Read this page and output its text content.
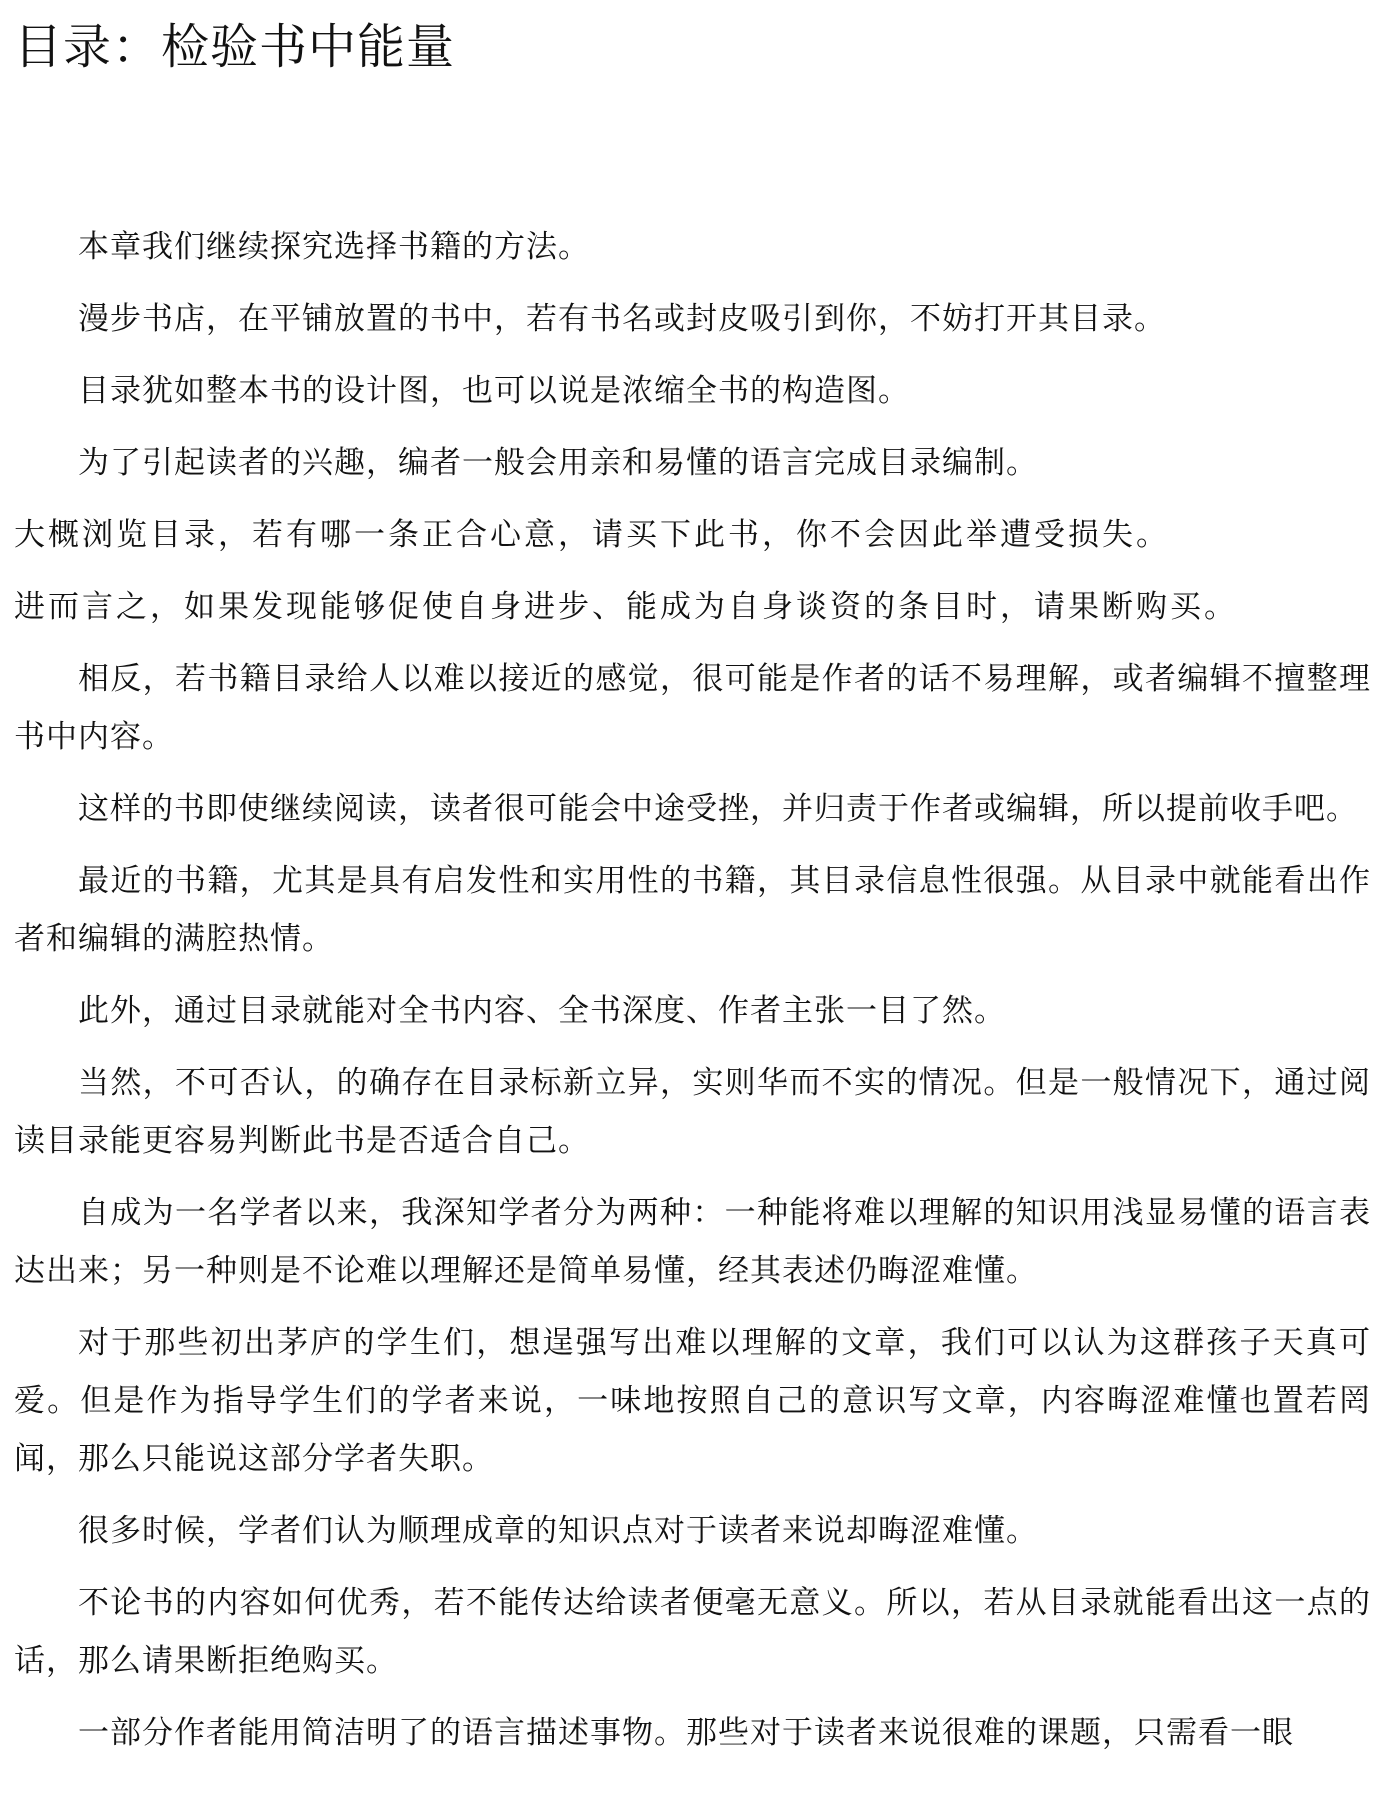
目录：检验书中能量

本章我们继续探究选择书籍的方法。

漫步书店，在平铺放置的书中，若有书名或封皮吸引到你，不妨打开其目录。

目录犹如整本书的设计图，也可以说是浓缩全书的构造图。

为了引起读者的兴趣，编者一般会用亲和易懂的语言完成目录编制。

大概浏览目录，若有哪一条正合心意，请买下此书，你不会因此举遭受损失。

进而言之，如果发现能够促使自身进步、能成为自身谈资的条目时，请果断购买。

相反，若书籍目录给人以难以接近的感觉，很可能是作者的话不易理解，或者编辑不擅整理书中内容。

这样的书即使继续阅读，读者很可能会中途受挫，并归责于作者或编辑，所以提前收手吧。

最近的书籍，尤其是具有启发性和实用性的书籍，其目录信息性很强。从目录中就能看出作者和编辑的满腔热情。

此外，通过目录就能对全书内容、全书深度、作者主张一目了然。

当然，不可否认，的确存在目录标新立异，实则华而不实的情况。但是一般情况下，通过阅读目录能更容易判断此书是否适合自己。

自成为一名学者以来，我深知学者分为两种：一种能将难以理解的知识用浅显易懂的语言表达出来；另一种则是不论难以理解还是简单易懂，经其表述仍晦涩难懂。

对于那些初出茅庐的学生们，想逞强写出难以理解的文章，我们可以认为这群孩子天真可爱。但是作为指导学生们的学者来说，一味地按照自己的意识写文章，内容晦涩难懂也置若罔闻，那么只能说这部分学者失职。

很多时候，学者们认为顺理成章的知识点对于读者来说却晦涩难懂。

不论书的内容如何优秀，若不能传达给读者便毫无意义。所以，若从目录就能看出这一点的话，那么请果断拒绝购买。

一部分作者能用简洁明了的语言描述事物。那些对于读者来说很难的课题，只需看一眼
